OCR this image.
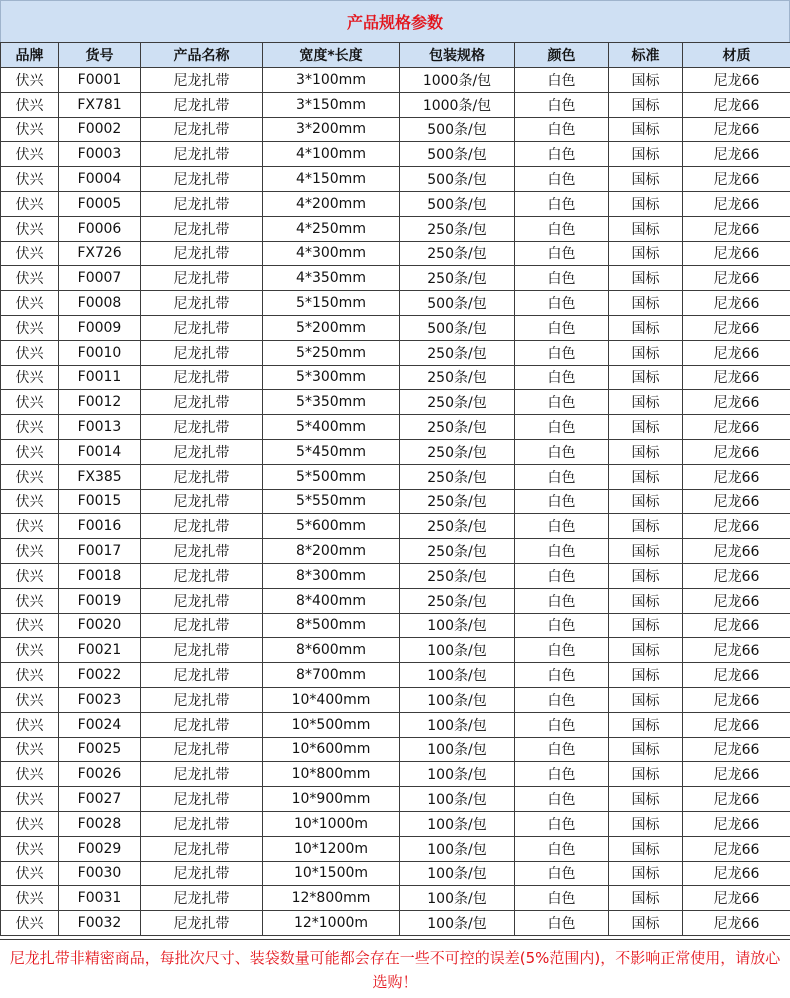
产品规格参数
品牌	货号	产品名称	宽度*长度	包装规格	颜色	标准	材质
伏兴	F0001	尼龙扎带	3*100mm	1000条/包	白色	国标	尼龙66
伏兴	FX781	尼龙扎带	3*150mm	1000条/包	白色	国标	尼龙66
伏兴	F0002	尼龙扎带	3*200mm	500条/包	白色	国标	尼龙66
伏兴	F0003	尼龙扎带	4*100mm	500条/包	白色	国标	尼龙66
伏兴	F0004	尼龙扎带	4*150mm	500条/包	白色	国标	尼龙66
伏兴	F0005	尼龙扎带	4*200mm	500条/包	白色	国标	尼龙66
伏兴	F0006	尼龙扎带	4*250mm	250条/包	白色	国标	尼龙66
伏兴	FX726	尼龙扎带	4*300mm	250条/包	白色	国标	尼龙66
伏兴	F0007	尼龙扎带	4*350mm	250条/包	白色	国标	尼龙66
伏兴	F0008	尼龙扎带	5*150mm	500条/包	白色	国标	尼龙66
伏兴	F0009	尼龙扎带	5*200mm	500条/包	白色	国标	尼龙66
伏兴	F0010	尼龙扎带	5*250mm	250条/包	白色	国标	尼龙66
伏兴	F0011	尼龙扎带	5*300mm	250条/包	白色	国标	尼龙66
伏兴	F0012	尼龙扎带	5*350mm	250条/包	白色	国标	尼龙66
伏兴	F0013	尼龙扎带	5*400mm	250条/包	白色	国标	尼龙66
伏兴	F0014	尼龙扎带	5*450mm	250条/包	白色	国标	尼龙66
伏兴	FX385	尼龙扎带	5*500mm	250条/包	白色	国标	尼龙66
伏兴	F0015	尼龙扎带	5*550mm	250条/包	白色	国标	尼龙66
伏兴	F0016	尼龙扎带	5*600mm	250条/包	白色	国标	尼龙66
伏兴	F0017	尼龙扎带	8*200mm	250条/包	白色	国标	尼龙66
伏兴	F0018	尼龙扎带	8*300mm	250条/包	白色	国标	尼龙66
伏兴	F0019	尼龙扎带	8*400mm	250条/包	白色	国标	尼龙66
伏兴	F0020	尼龙扎带	8*500mm	100条/包	白色	国标	尼龙66
伏兴	F0021	尼龙扎带	8*600mm	100条/包	白色	国标	尼龙66
伏兴	F0022	尼龙扎带	8*700mm	100条/包	白色	国标	尼龙66
伏兴	F0023	尼龙扎带	10*400mm	100条/包	白色	国标	尼龙66
伏兴	F0024	尼龙扎带	10*500mm	100条/包	白色	国标	尼龙66
伏兴	F0025	尼龙扎带	10*600mm	100条/包	白色	国标	尼龙66
伏兴	F0026	尼龙扎带	10*800mm	100条/包	白色	国标	尼龙66
伏兴	F0027	尼龙扎带	10*900mm	100条/包	白色	国标	尼龙66
伏兴	F0028	尼龙扎带	10*1000m	100条/包	白色	国标	尼龙66
伏兴	F0029	尼龙扎带	10*1200m	100条/包	白色	国标	尼龙66
伏兴	F0030	尼龙扎带	10*1500m	100条/包	白色	国标	尼龙66
伏兴	F0031	尼龙扎带	12*800mm	100条/包	白色	国标	尼龙66
伏兴	F0032	尼龙扎带	12*1000m	100条/包	白色	国标	尼龙66
尼龙扎带非精密商品，每批次尺寸、装袋数量可能都会存在一些不可控的误差(5%范围内)，不影响正常使用，请放心选购！
